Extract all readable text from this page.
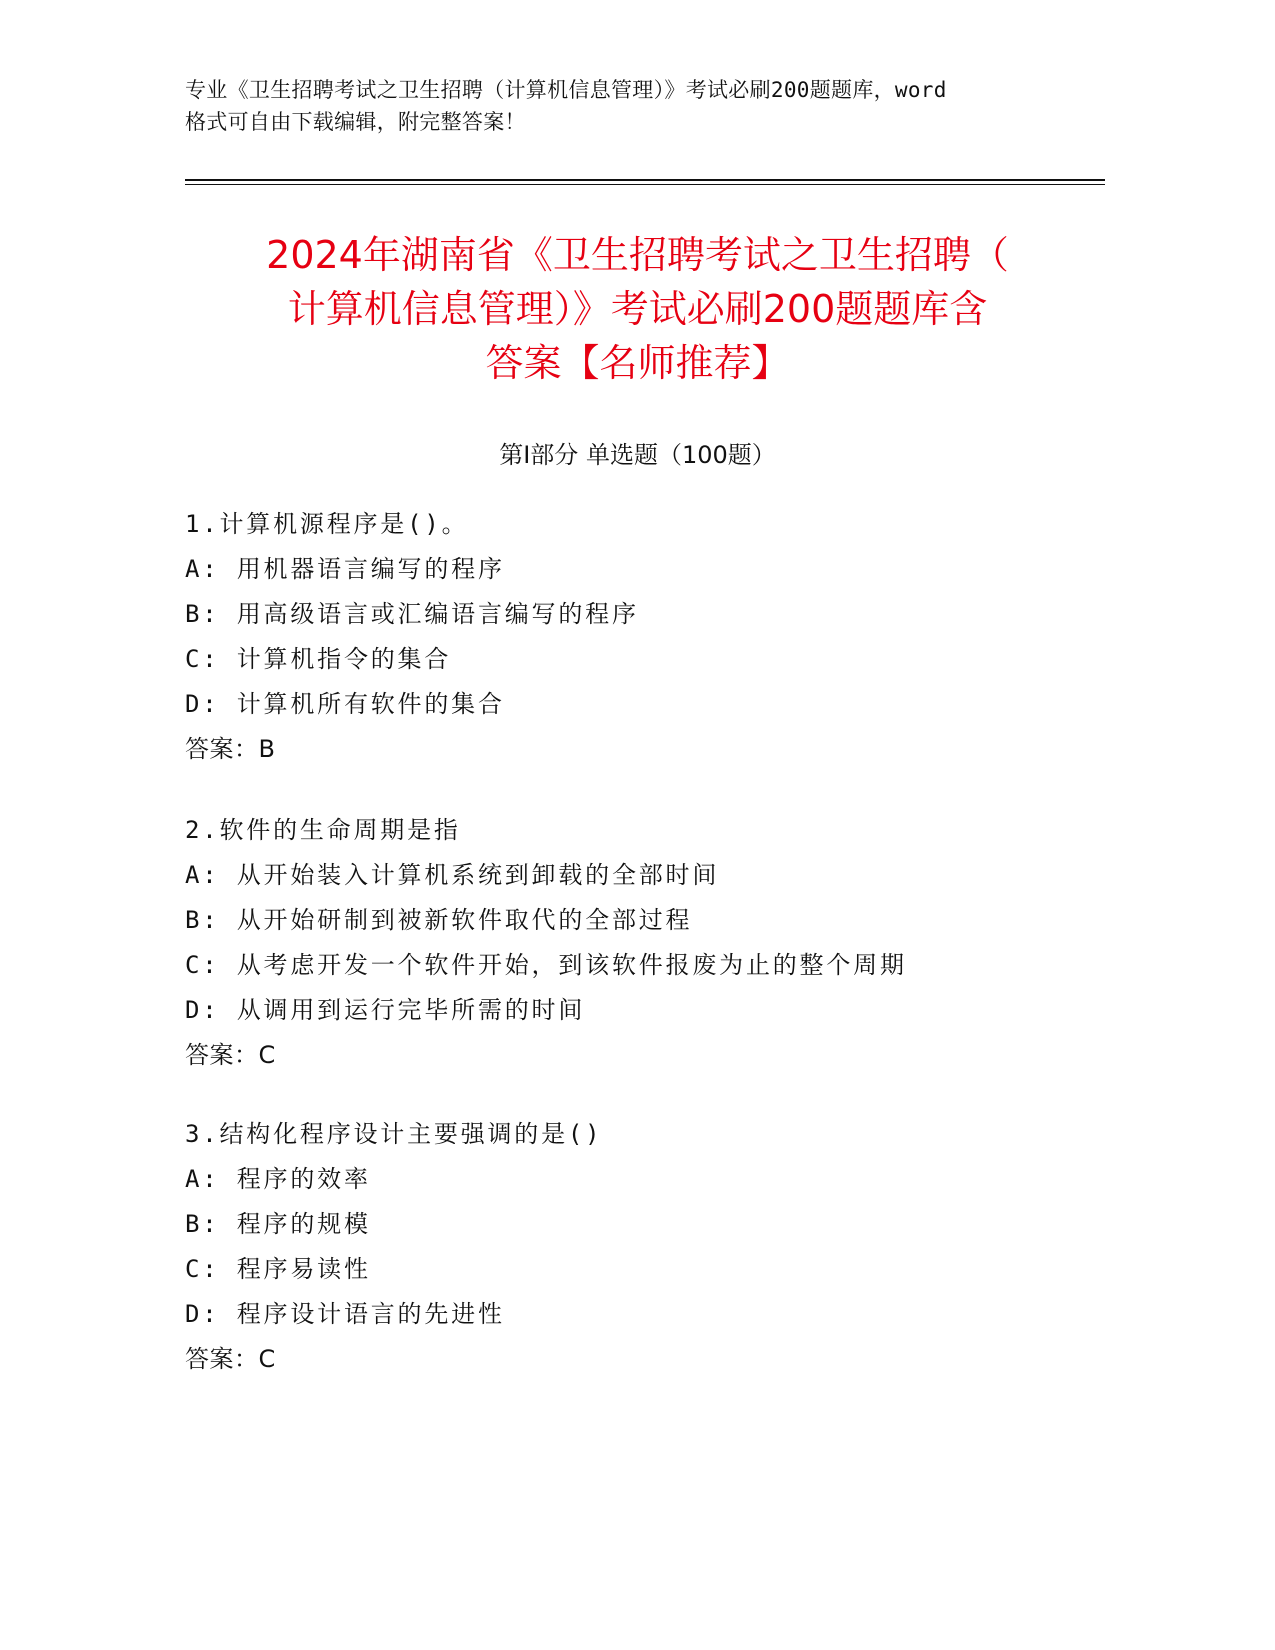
专业《卫生招聘考试之卫生招聘（计算机信息管理）》考试必刷200题题库，word
格式可自由下载编辑，附完整答案！
2024年湖南省《卫生招聘考试之卫生招聘（
计算机信息管理）》考试必刷200题题库含
答案【名师推荐】
第Ⅰ部分 单选题（100题）
1.计算机源程序是()。
A: 用机器语言编写的程序
B: 用高级语言或汇编语言编写的程序
C: 计算机指令的集合
D: 计算机所有软件的集合
答案：B
2.软件的生命周期是指
A: 从开始装入计算机系统到卸载的全部时间
B: 从开始研制到被新软件取代的全部过程
C: 从考虑开发一个软件开始，到该软件报废为止的整个周期
D: 从调用到运行完毕所需的时间
答案：C
3.结构化程序设计主要强调的是()
A: 程序的效率
B: 程序的规模
C: 程序易读性
D: 程序设计语言的先进性
答案：C
